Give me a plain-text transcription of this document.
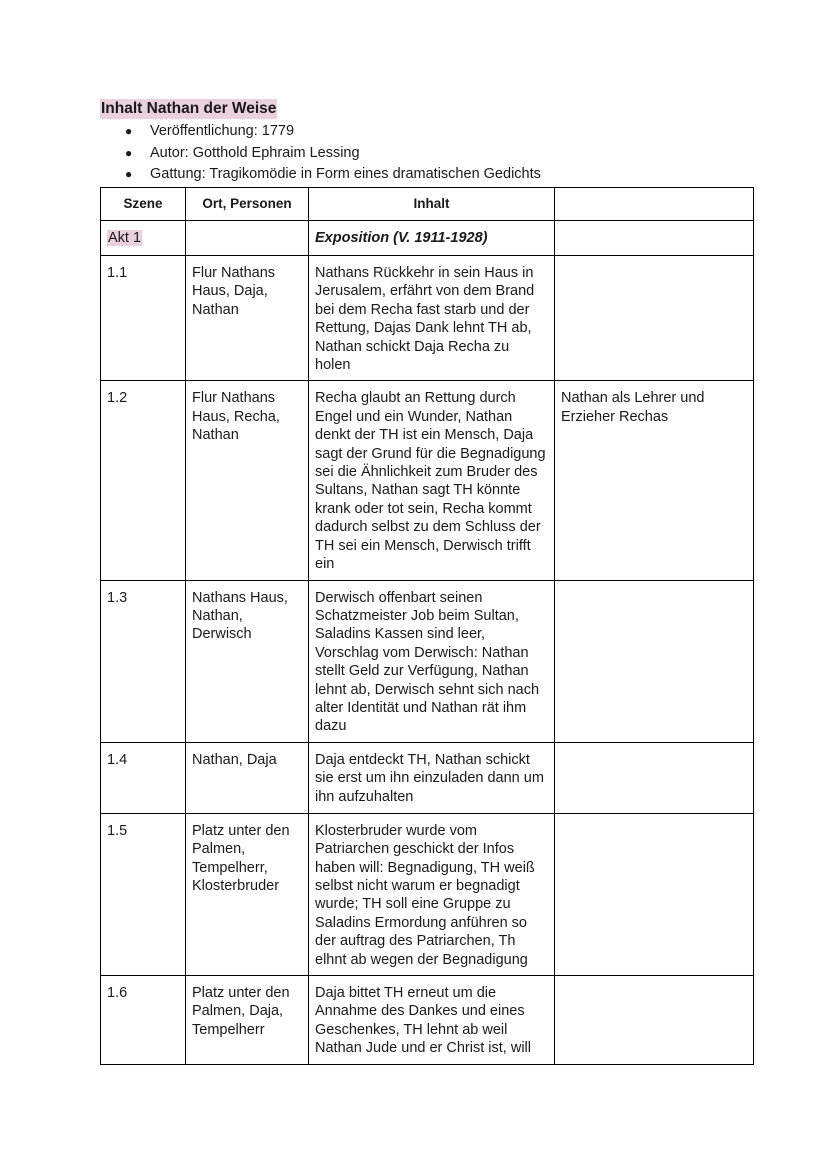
Inhalt Nathan der Weise
● Veröffentlichung: 1779
● Autor: Gotthold Ephraim Lessing
● Gattung: Tragikomödie in Form eines dramatischen Gedichts
Szene	Ort, Personen	Inhalt	
Akt 1		Exposition (V. 1911-1928)	
1.1	Flur Nathans Haus, Daja, Nathan	Nathans Rückkehr in sein Haus in Jerusalem, erfährt von dem Brand bei dem Recha fast starb und der Rettung, Dajas Dank lehnt TH ab, Nathan schickt Daja Recha zu holen	
1.2	Flur Nathans Haus, Recha, Nathan	Recha glaubt an Rettung durch Engel und ein Wunder, Nathan denkt der TH ist ein Mensch, Daja sagt der Grund für die Begnadigung sei die Ähnlichkeit zum Bruder des Sultans, Nathan sagt TH könnte krank oder tot sein, Recha kommt dadurch selbst zu dem Schluss der TH sei ein Mensch, Derwisch trifft ein	Nathan als Lehrer und Erzieher Rechas
1.3	Nathans Haus, Nathan, Derwisch	Derwisch offenbart seinen Schatzmeister Job beim Sultan, Saladins Kassen sind leer, Vorschlag vom Derwisch: Nathan stellt Geld zur Verfügung, Nathan lehnt ab, Derwisch sehnt sich nach alter Identität und Nathan rät ihm dazu	
1.4	Nathan, Daja	Daja entdeckt TH, Nathan schickt sie erst um ihn einzuladen dann um ihn aufzuhalten	
1.5	Platz unter den Palmen, Tempelherr, Klosterbruder	Klosterbruder wurde vom Patriarchen geschickt der Infos haben will: Begnadigung, TH weiß selbst nicht warum er begnadigt wurde; TH soll eine Gruppe zu Saladins Ermordung anführen so der auftrag des Patriarchen, Th elhnt ab wegen der Begnadigung	
1.6	Platz unter den Palmen, Daja, Tempelherr	Daja bittet TH erneut um die Annahme des Dankes und eines Geschenkes, TH lehnt ab weil Nathan Jude und er Christ ist, will	
